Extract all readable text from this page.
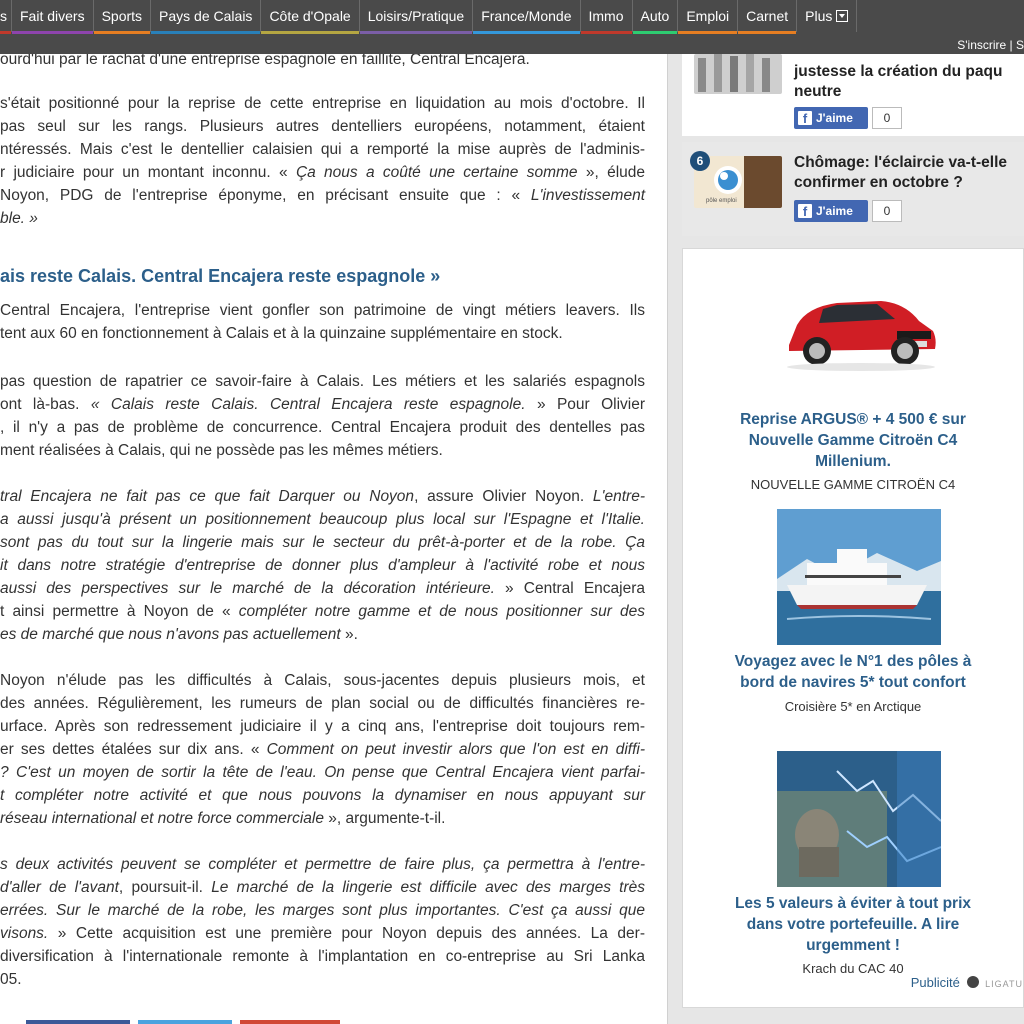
s Fait divers	Sports	Pays de Calais	Côte d'Opale	Loisirs/Pratique	France/Monde	Immo	Auto	Emploi	Carnet	Plus
S'inscrire | S
ourd'hui par le rachat d'une entreprise espagnole en faillite, Central Encajera.
s'était positionné pour la reprise de cette entreprise en liquidation au mois d'octobre. Il
pas seul sur les rangs. Plusieurs autres dentelliers européens, notamment, étaient
ntéressés. Mais c'est le dentellier calaisien qui a remporté la mise auprès de l'adminis-
r judiciaire pour un montant inconnu. « Ça nous a coûté une certaine somme », élude
Noyon, PDG de l'entreprise éponyme, en précisant ensuite que : « L'investissement
ble. »
ais reste Calais. Central Encajera reste espagnole »
Central Encajera, l'entreprise vient gonfler son patrimoine de vingt métiers leavers. Ils
tent aux 60 en fonctionnement à Calais et à la quinzaine supplémentaire en stock.
pas question de rapatrier ce savoir-faire à Calais. Les métiers et les salariés espagnols
ont là-bas. « Calais reste Calais. Central Encajera reste espagnole. » Pour Olivier
, il n'y a pas de problème de concurrence. Central Encajera produit des dentelles pas
ment réalisées à Calais, qui ne possède pas les mêmes métiers.
tral Encajera ne fait pas ce que fait Darquer ou Noyon, assure Olivier Noyon. L'entre-
a aussi jusqu'à présent un positionnement beaucoup plus local sur l'Espagne et l'Italie.
sont pas du tout sur la lingerie mais sur le secteur du prêt-à-porter et de la robe. Ça
it dans notre stratégie d'entreprise de donner plus d'ampleur à l'activité robe et nous
aussi des perspectives sur le marché de la décoration intérieure. » Central Encajera
t ainsi permettre à Noyon de « compléter notre gamme et de nous positionner sur des
es de marché que nous n'avons pas actuellement ».
Noyon n'élude pas les difficultés à Calais, sous-jacentes depuis plusieurs mois, et
des années. Régulièrement, les rumeurs de plan social ou de difficultés financières re-
urface. Après son redressement judiciaire il y a cinq ans, l'entreprise doit toujours rem-
er ses dettes étalées sur dix ans. « Comment on peut investir alors que l'on est en diffi-
? C'est un moyen de sortir la tête de l'eau. On pense que Central Encajera vient parfai-
t compléter notre activité et que nous pouvons la dynamiser en nous appuyant sur
réseau international et notre force commerciale », argumente-t-il.
s deux activités peuvent se compléter et permettre de faire plus, ça permettra à l'entre-
d'aller de l'avant, poursuit-il. Le marché de la lingerie est difficile avec des marges très
errées. Sur le marché de la robe, les marges sont plus importantes. C'est ça aussi que
visons. » Cette acquisition est une première pour Noyon depuis des années. La der-
diversification à l'internationale remonte à l'implantation en co-entreprise au Sri Lanka
05.
justesse la création du paqu
neutre
f J'aime	0
pôle emploi
6	Chômage: l'éclaircie va-t-elle
confirmer en octobre ?
f J'aime	0
Reprise ARGUS® + 4 500 € sur
Nouvelle Gamme Citroën C4
Millenium.
NOUVELLE GAMME CITROËN C4
Voyagez avec le N°1 des pôles à
bord de navires 5* tout confort
Croisière 5* en Arctique
Les 5 valeurs à éviter à tout prix
dans votre portefeuille. A lire
urgemment !
Krach du CAC 40
Publicité	LIGATU
